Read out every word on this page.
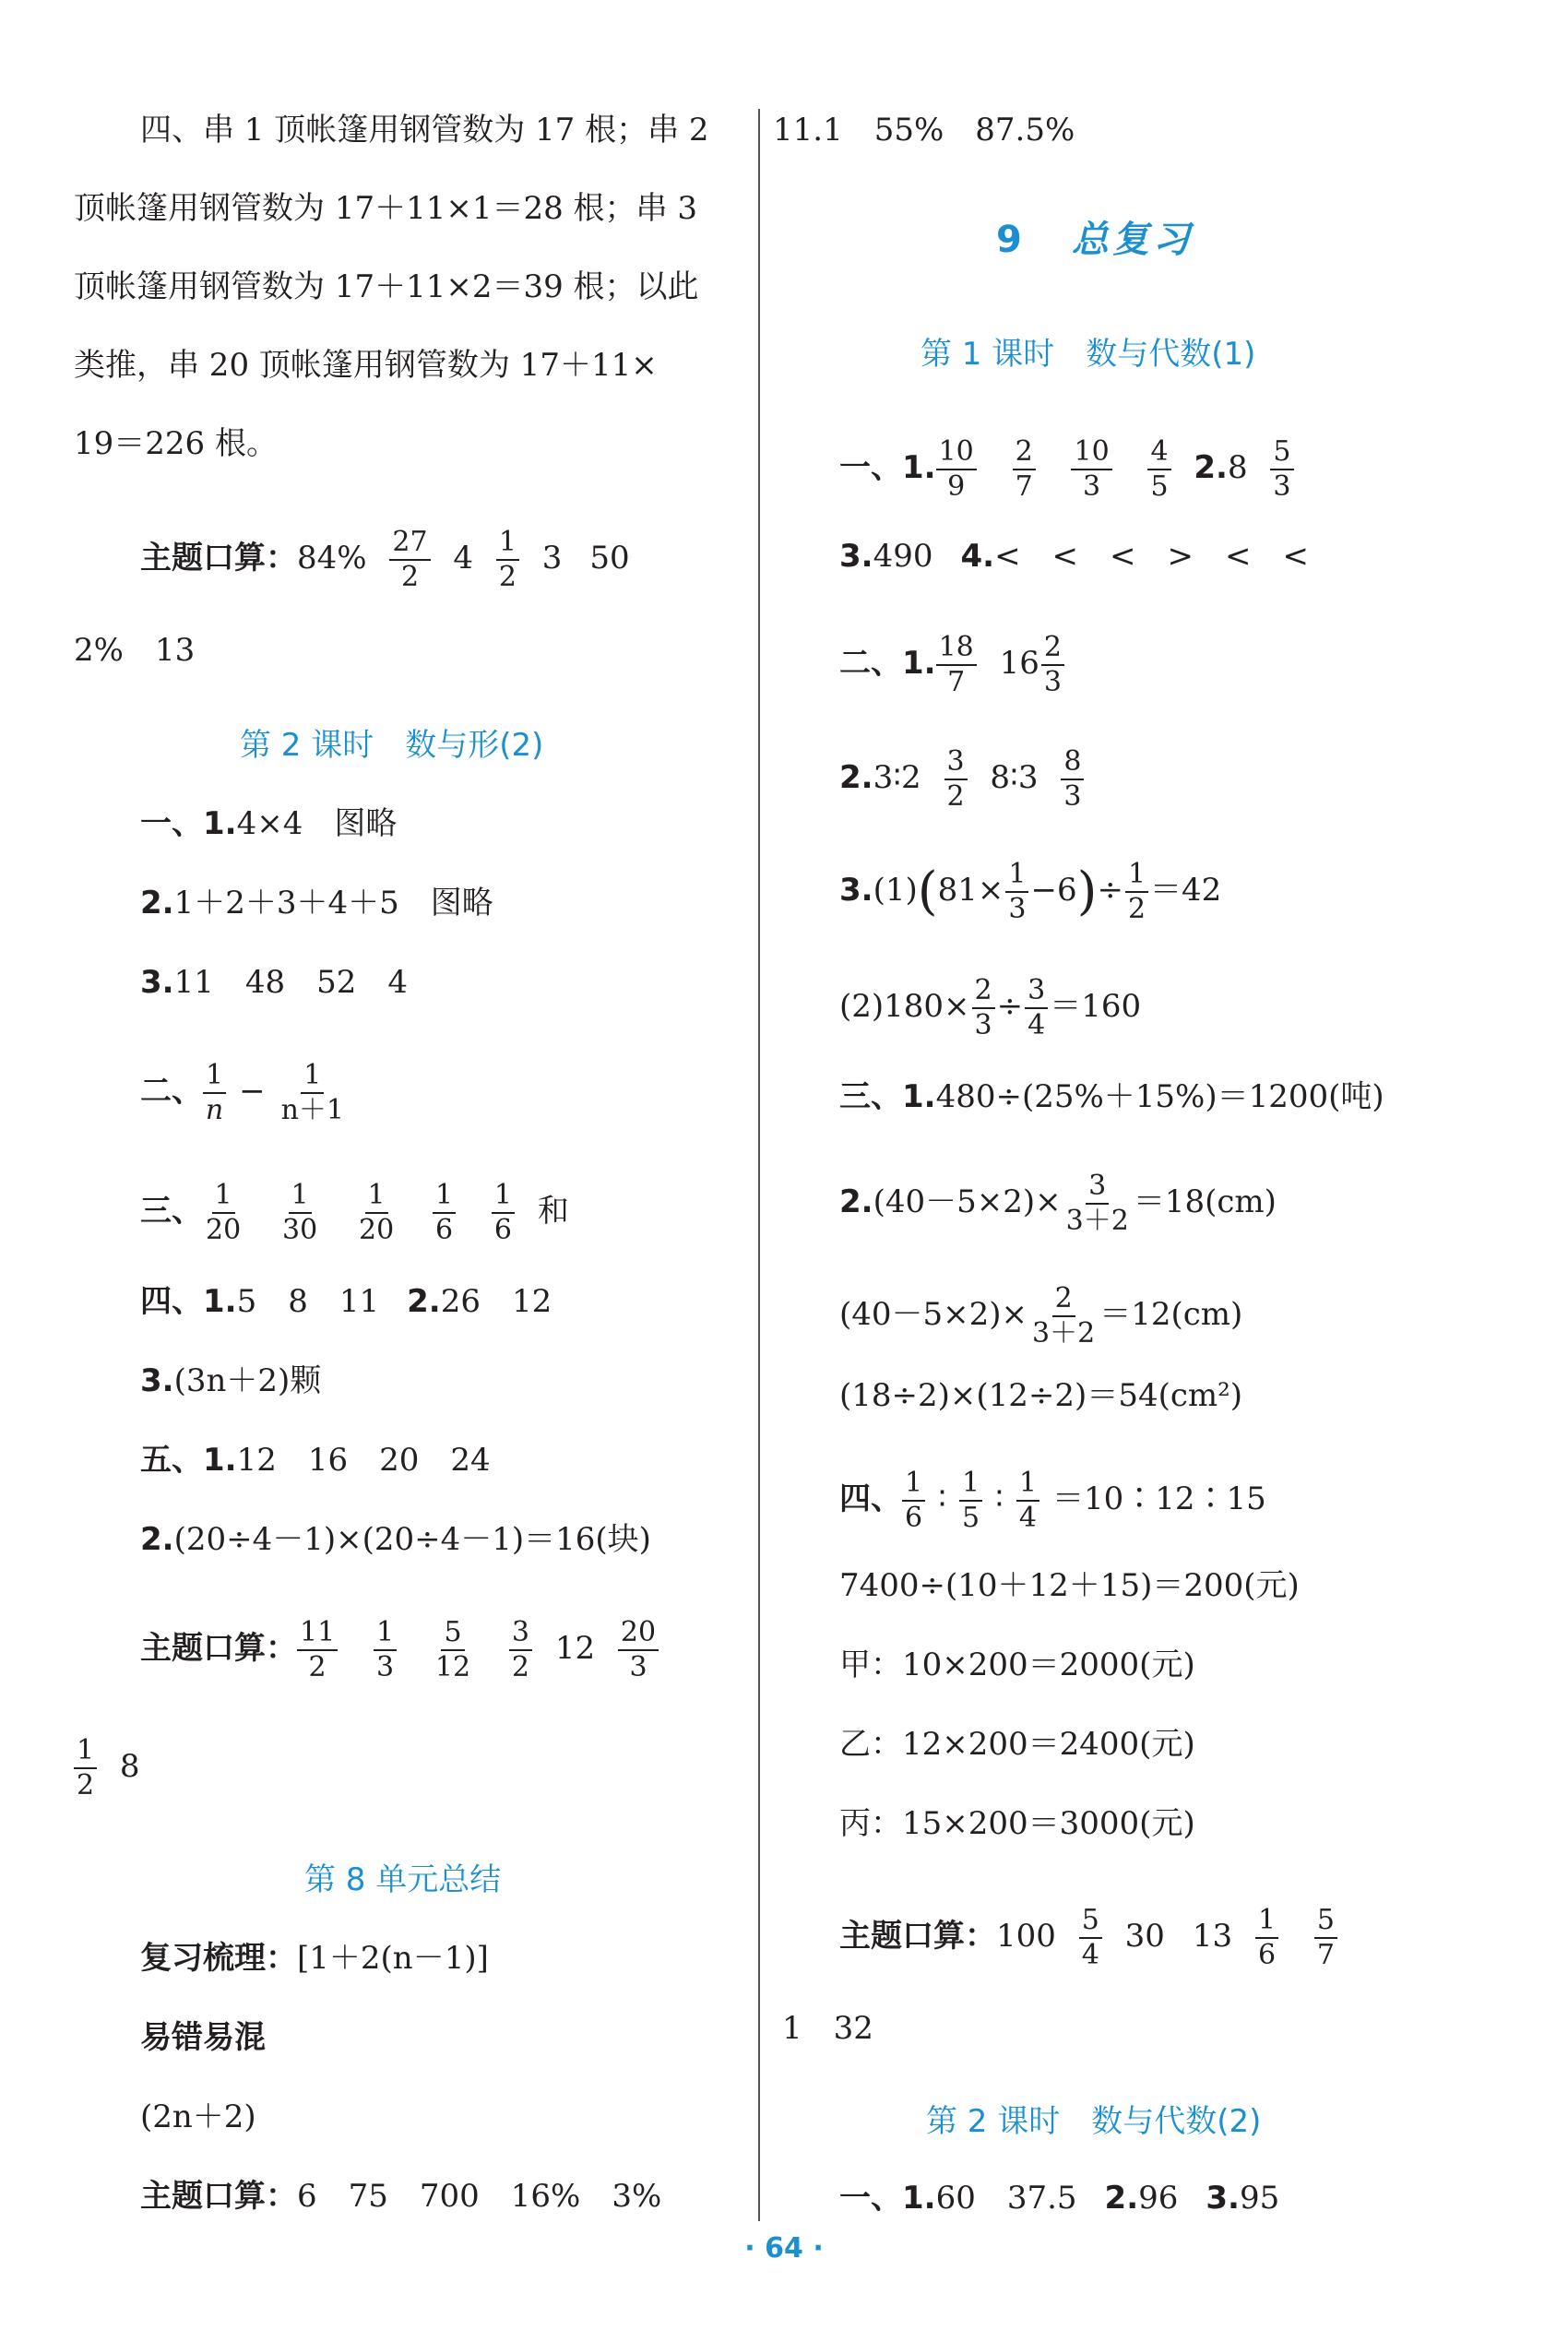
四、串 1 顶帐篷用钢管数为 17 根；串 2
顶帐篷用钢管数为 17＋11×1＝28 根；串 3
顶帐篷用钢管数为 17＋11×2＝39 根；以此
类推，串 20 顶帐篷用钢管数为 17＋11×
19＝226 根。
主题口算：$84\% \frac{27}{2} 4 \frac{1}{2} 3$ 50
2%　13
第 2 课时　数与形(2)
一、1.4×4　图略
2.1＋2＋3＋4＋5　图略
3.11　48　52　4
二、 $\frac{1}{n} - \frac{1}{n+1}$
三、 $\frac{1}{20}$
$\frac{1}{30}$
$\frac{1}{20}$
$\frac{1}{6}$
$\frac{1}{6}$ 和
四、1.5　8　11 2.26　12
3.(3n＋2)颗
五、1.12　16　20　24
2.(20÷4－1)×(20÷4－1)＝16(块)
主题口算： $\frac{11}{2}$
$\frac{1}{3}$
$\frac{5}{12}$
$\frac{3}{2} 12 \frac{20}{3}$
$\frac{1}{2} 8$
第 8 单元总结
复习梳理：[1＋2(n－1)]
易错易混
(2n＋2)
主题口算：6　75　700　16%　3%
11.1　55%　87.5%
9 总复习
第 1 课时　数与代数(1)
一、1. $\frac{10}{9}$
$\frac{2}{7}$
$\frac{10}{3}$
$\frac{4}{5} 2.8 \frac{5}{3}$
3.490 4.<　<　<　>　<　<
二、1. $\frac{18}{7} 16 \frac{2}{3}$
2.3∶2 $\frac{3}{2}$ 8∶3 $\frac{8}{3}$
$3.(1)(81\times \frac{1}{3} -6)\div \frac{1}{2} =42$
$(2)180\times \frac{2}{3} \div \frac{3}{4} =160$
三、1.480÷(25%＋15%)＝1200(吨)
$2.(40-5\times 2)\times \frac{3}{3+2} =18(cm)$
$(40-5\times 2)\times \frac{2}{3+2} =12(cm)$
(18÷2)×(12÷2)＝54(cm²)
四、 $\frac{1}{6}$ ∶ $\frac{1}{5}$ ∶ $\frac{1}{4}$ ＝10∶12∶15
7400÷(10＋12＋15)＝200(元)
甲：10×200＝2000(元)
乙：12×200＝2400(元)
丙：15×200＝3000(元)
主题口算：$100 \frac{5}{4} 30$ $13 \frac{1}{6}$
$\frac{5}{7}$
1　32
第 2 课时　数与代数(2)
一、1.60　37.5 2.96 3.95
· 64 ·
